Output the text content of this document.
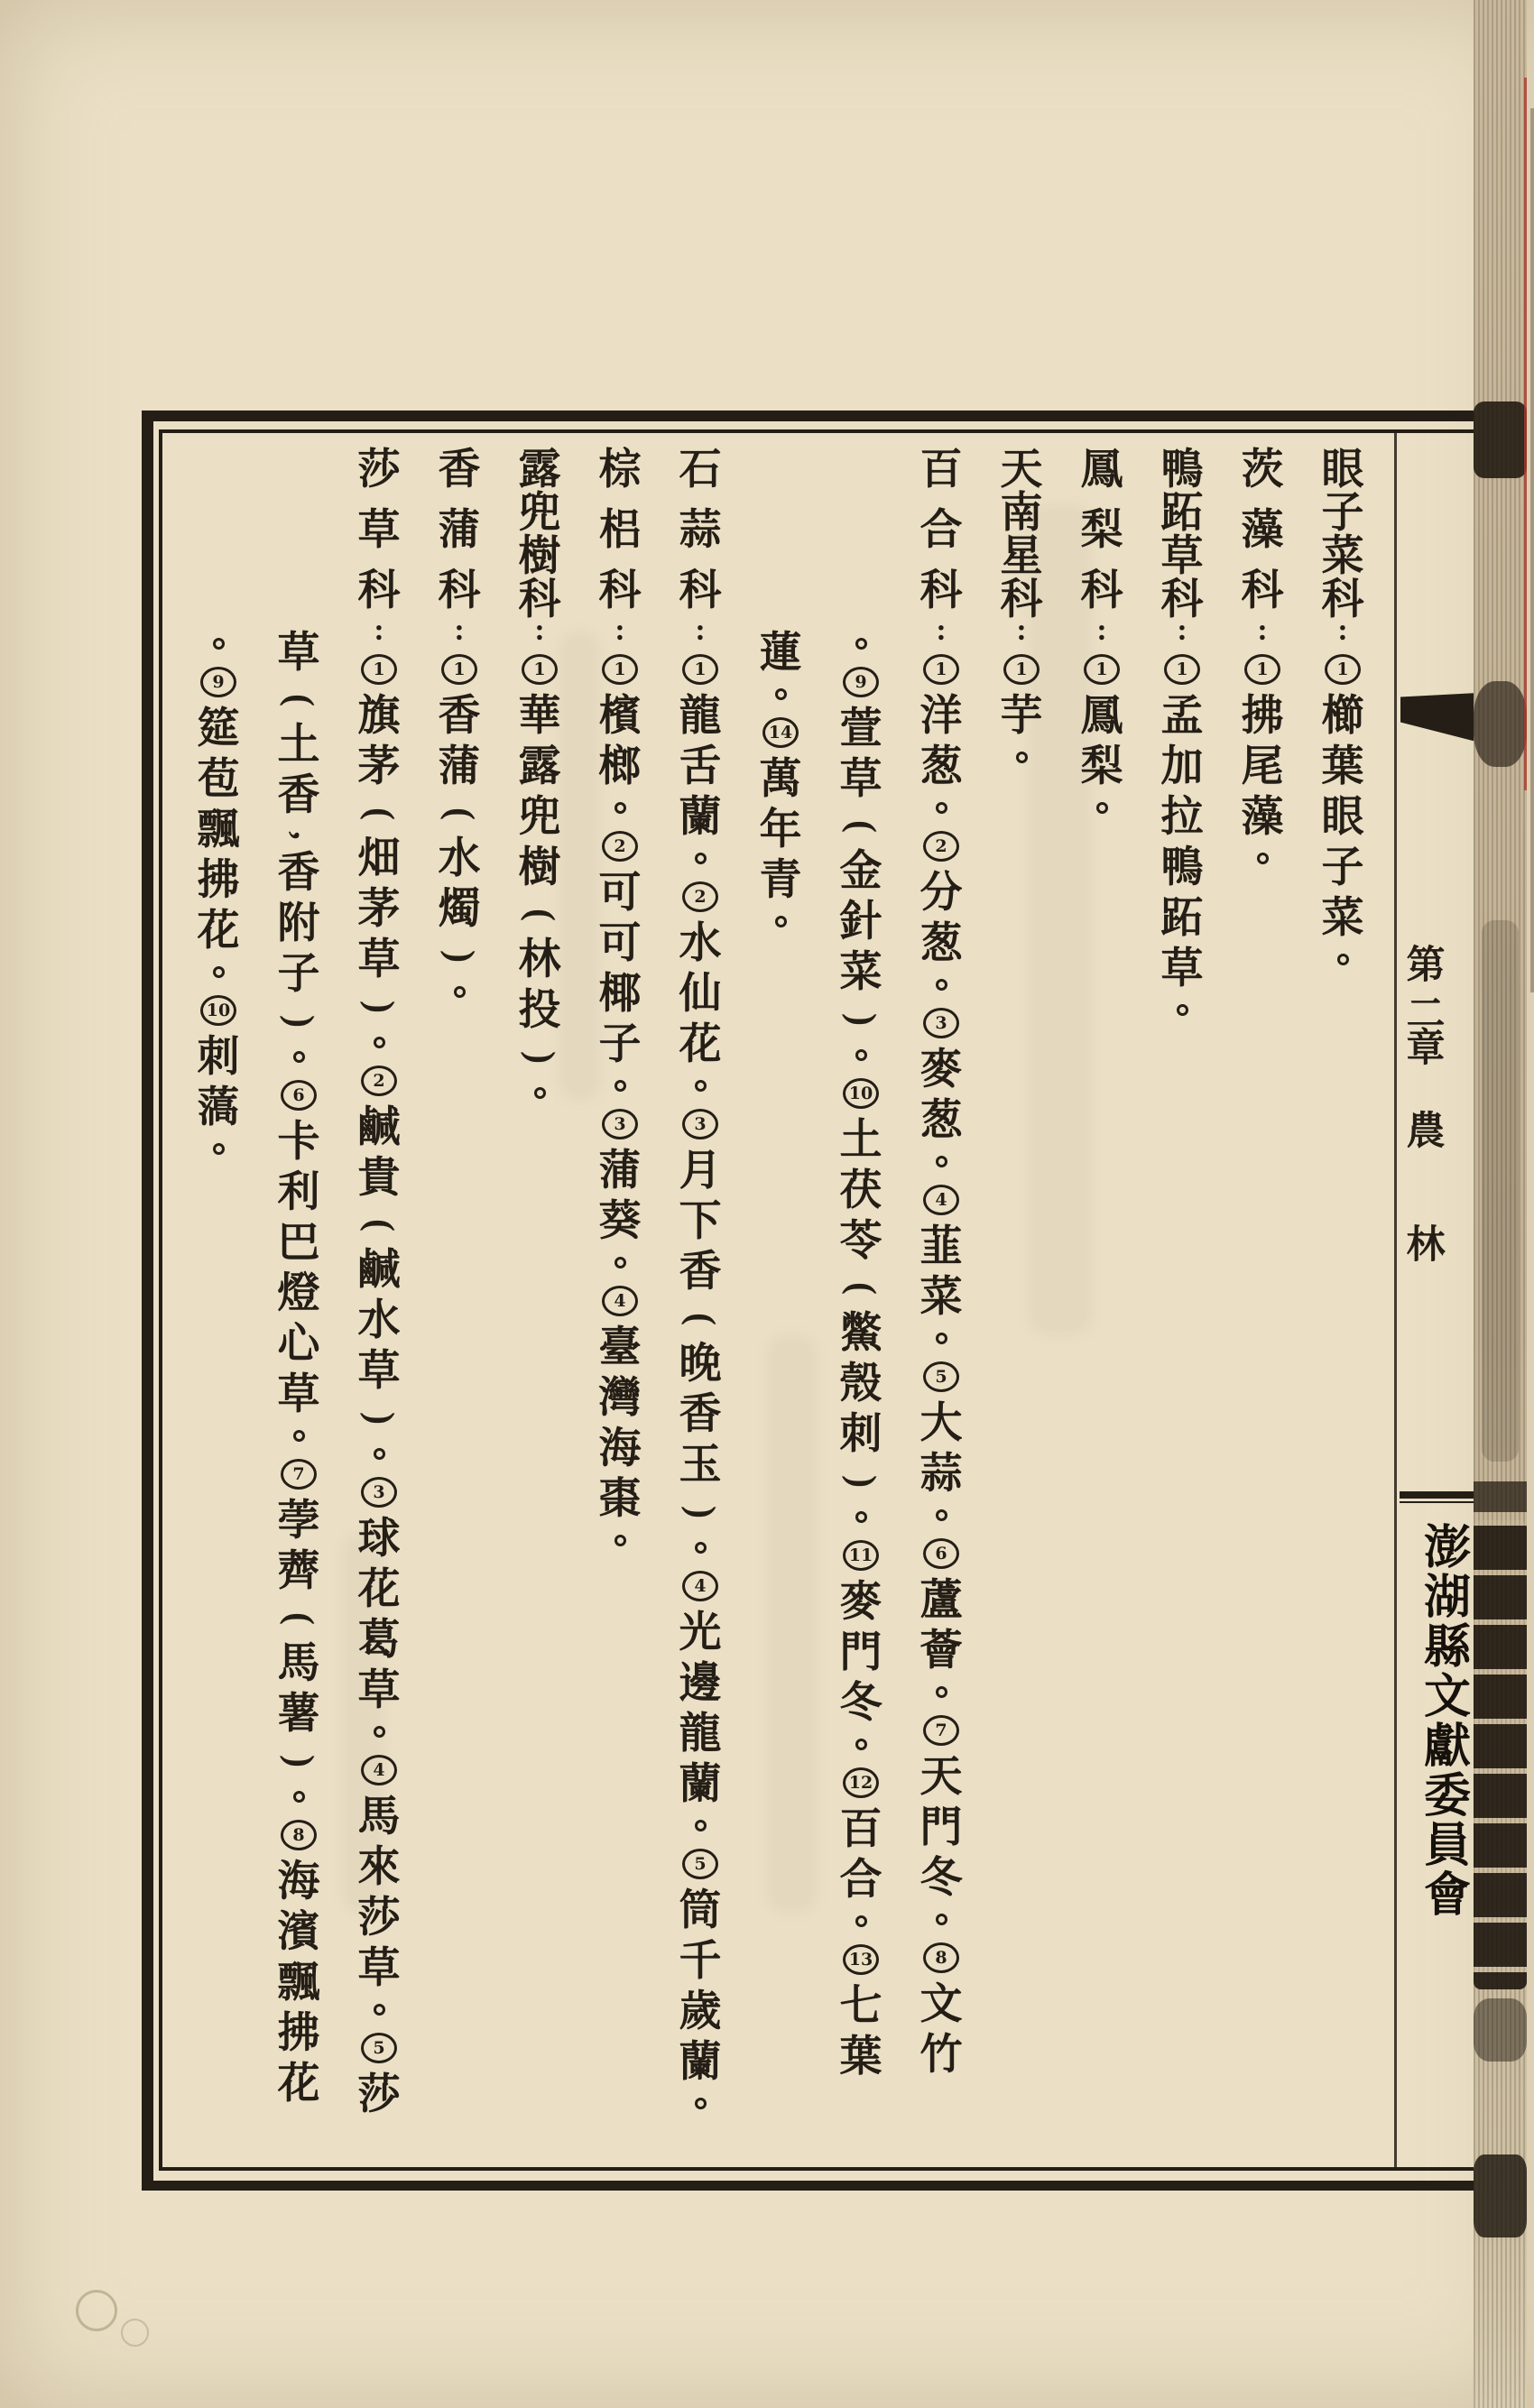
眼
子
菜
科
:
1
櫛
葉
眼
子
菜
茨
藻
科
:
1
拂
尾
藻
鴨
跖
草
科
:
1
孟
加
拉
鴨
跖
草
鳳
梨
科
:
1
鳳
梨
天
南
星
科
:
1
芋
百
合
科
:
1
洋
葱
2
分
葱
3
麥
葱
4
韮
菜
5
大
蒜
6
蘆
薈
7
天
門
冬
8
文
竹
9
萱
草
(
金
針
菜
)
10
土
茯
苓
(
鱉
殼
刺
)
11
麥
門
冬
12
百
合
13
七
葉
蓮
14
萬
年
青
石
蒜
科
:
1
龍
舌
蘭
2
水
仙
花
3
月
下
香
(
晚
香
玉
)
4
光
邊
龍
蘭
5
筒
千
歲
蘭
棕
梠
科
:
1
檳
榔
2
可
可
椰
子
3
蒲
葵
4
臺
灣
海
棗
露
兜
樹
科
:
1
華
露
兜
樹
(
林
投
)
香
蒲
科
:
1
香
蒲
(
水
燭
)
莎
草
科
:
1
旗
茅
(
畑
茅
草
)
2
鹹
貴
(
鹹
水
草
)
3
球
花
葛
草
4
馬
來
莎
草
5
莎
草
(
土
香
,
香
附
子
)
6
卡
利
巴
燈
心
草
7
荸
薺
(
馬
薯
)
8
海
濱
飄
拂
花
9
筵
苞
飄
拂
花
10
刺
薃
第
二
章
農
林
澎
湖
縣
文
獻
委
員
會
